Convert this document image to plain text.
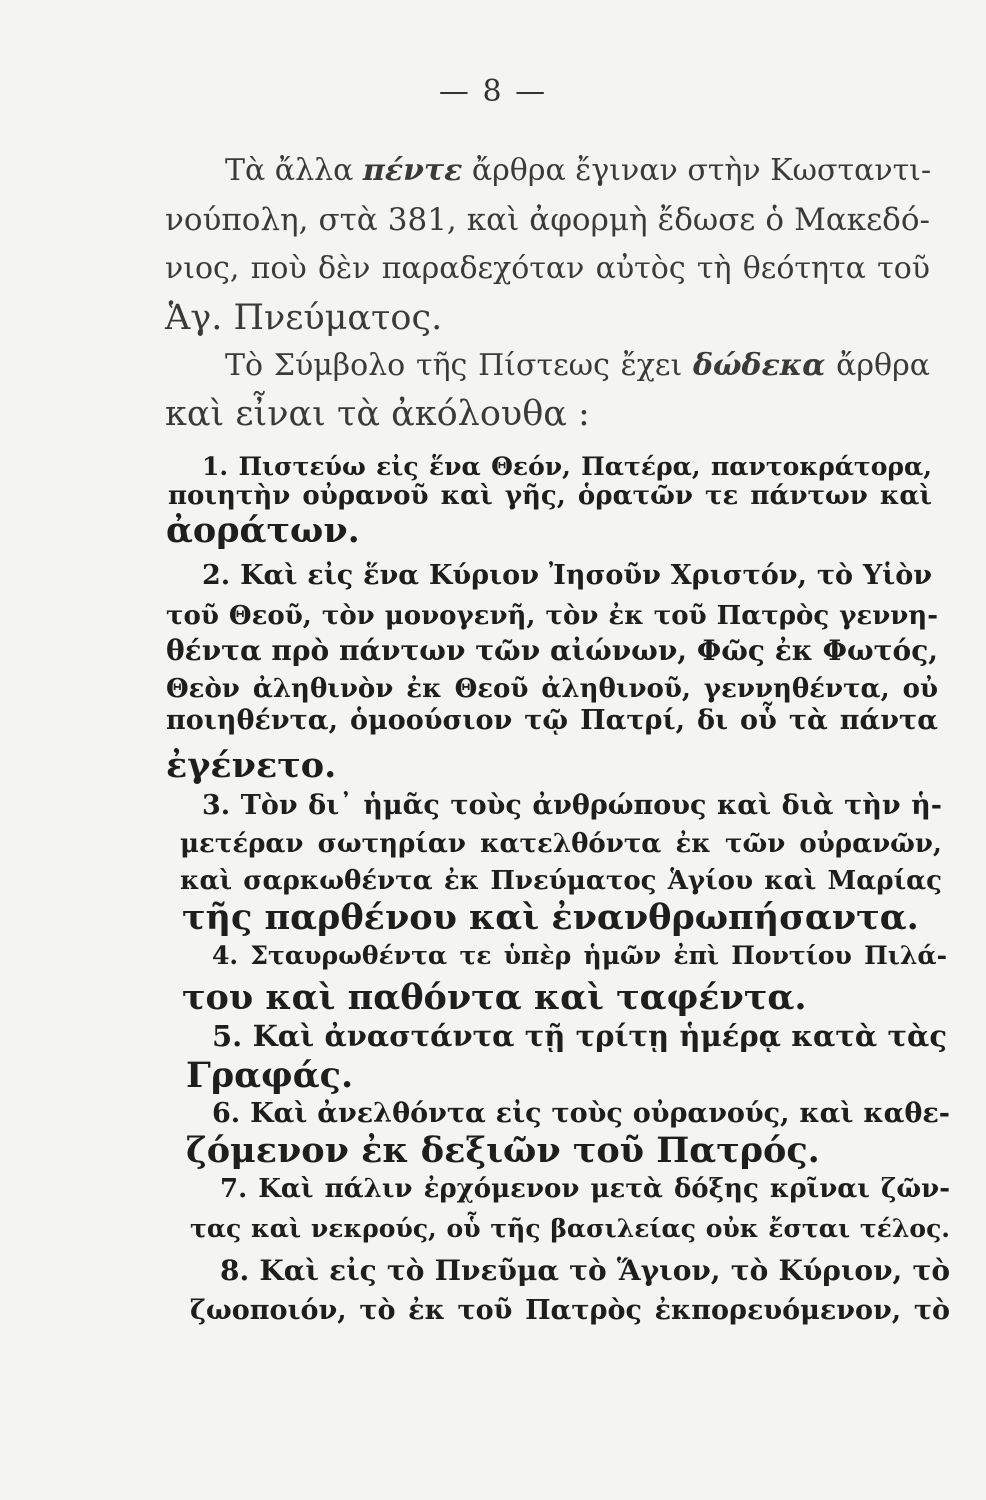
— 8 —
Τὰ ἄλλα πέντε ἄρθρα ἔγιναν στὴν Κωσταντι-
νούπολη, στὰ 381, καὶ ἀφορμὴ ἔδωσε ὁ Μακεδό-
νιος, ποὺ δὲν παραδεχόταν αὐτὸς τὴ θεότητα τοῦ
Ἁγ. Πνεύματος.
Τὸ Σύμβολο τῆς Πίστεως ἔχει δώδεκα ἄρθρα
καὶ εἶναι τὰ ἀκόλουθα :
1. Πιστεύω εἰς ἕνα Θεόν, Πατέρα, παντοκράτορα,
ποιητὴν οὐρανοῦ καὶ γῆς, ὁρατῶν τε πάντων καὶ
ἀοράτων.
2. Καὶ εἰς ἕνα Κύριον Ἰησοῦν Χριστόν, τὸ Υἱὸν
τοῦ Θεοῦ, τὸν μονογενῆ, τὸν ἐκ τοῦ Πατρὸς γεννη-
θέντα πρὸ πάντων τῶν αἰώνων, Φῶς ἐκ Φωτός,
Θεὸν ἀληθινὸν ἐκ Θεοῦ ἀληθινοῦ, γεννηθέντα, οὐ
ποιηθέντα, ὁμοούσιον τῷ Πατρί, δι οὗ τὰ πάντα
ἐγένετο.
3. Τὸν δι᾽ ἡμᾶς τοὺς ἀνθρώπους καὶ διὰ τὴν ἡ-
μετέραν σωτηρίαν κατελθόντα ἐκ τῶν οὐρανῶν,
καὶ σαρκωθέντα ἐκ Πνεύματος Ἁγίου καὶ Μαρίας
τῆς παρθένου καὶ ἐνανθρωπήσαντα.
4. Σταυρωθέντα τε ὑπὲρ ἡμῶν ἐπὶ Ποντίου Πιλά-
του καὶ παθόντα καὶ ταφέντα.
5. Καὶ ἀναστάντα τῇ τρίτῃ ἡμέρᾳ κατὰ τὰς
Γραφάς.
6. Καὶ ἀνελθόντα εἰς τοὺς οὐρανούς, καὶ καθε-
ζόμενον ἐκ δεξιῶν τοῦ Πατρός.
7. Καὶ πάλιν ἐρχόμενον μετὰ δόξης κρῖναι ζῶν-
τας καὶ νεκρούς, οὗ τῆς βασιλείας οὐκ ἔσται τέλος.
8. Καὶ εἰς τὸ Πνεῦμα τὸ Ἅγιον, τὸ Κύριον, τὸ
ζωοποιόν, τὸ ἐκ τοῦ Πατρὸς ἐκπορευόμενον, τὸ
